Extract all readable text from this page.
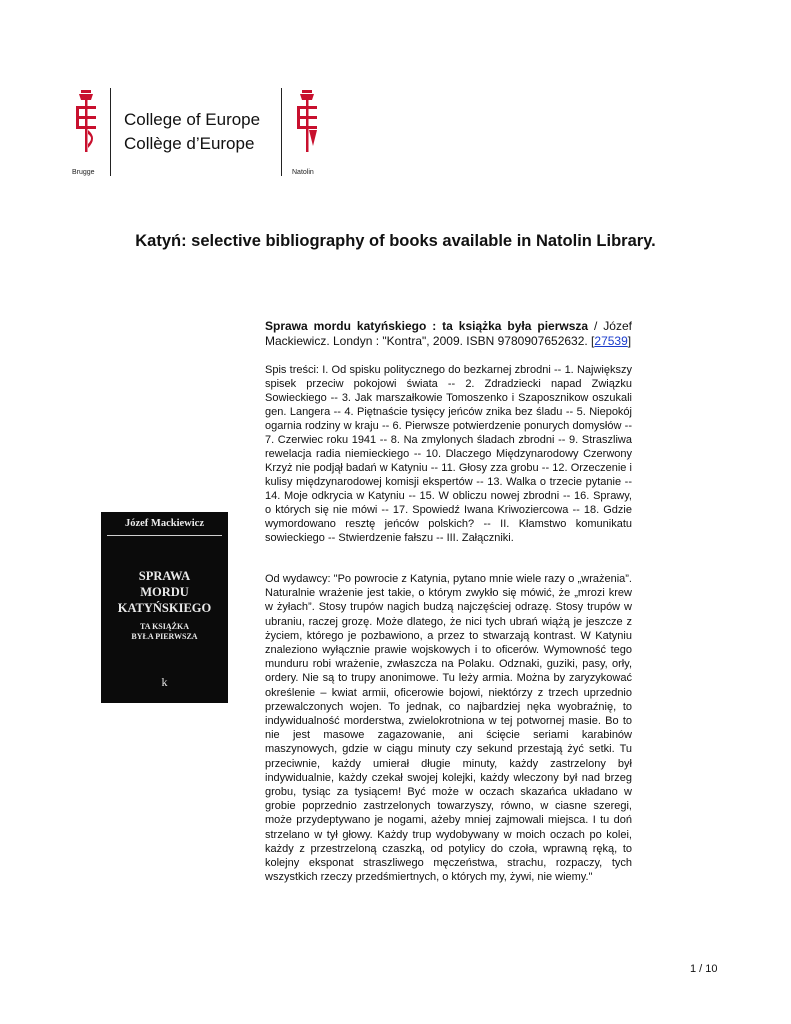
College of Europe
Collège d’Europe
Brugge	Natolin
Katyń: selective bibliography of books available in Natolin Library.
Sprawa mordu katyńskiego : ta książka była pierwsza / Józef Mackiewicz. Londyn : "Kontra", 2009. ISBN 9780907652632. [27539]
Spis treści: I. Od spisku politycznego do bezkarnej zbrodni -- 1. Największy spisek przeciw pokojowi świata -- 2. Zdradziecki napad Związku Sowieckiego -- 3. Jak marszałkowie Tomoszenko i Szaposznikow oszukali gen. Langera -- 4. Piętnaście tysięcy jeńców znika bez śladu -- 5. Niepokój ogarnia rodziny w kraju -- 6. Pierwsze potwierdzenie ponurych domysłów -- 7. Czerwiec roku 1941 -- 8. Na zmylonych śladach zbrodni -- 9. Straszliwa rewelacja radia niemieckiego -- 10. Dlaczego Międzynarodowy Czerwony Krzyż nie podjął badań w Katyniu -- 11. Głosy zza grobu -- 12. Orzeczenie i kulisy międzynarodowej komisji ekspertów -- 13. Walka o trzecie pytanie -- 14. Moje odkrycia w Katyniu -- 15. W obliczu nowej zbrodni -- 16. Sprawy, o których się nie mówi -- 17. Spowiedź Iwana Kriwoziercowa -- 18. Gdzie wymordowano resztę jeńców polskich? -- II. Kłamstwo komunikatu sowieckiego -- Stwierdzenie fałszu -- III. Załączniki.
Od wydawcy: "Po powrocie z Katynia, pytano mnie wiele razy o „wrażenia”. Naturalnie wrażenie jest takie, o którym zwykło się mówić, że „mrozi krew w żyłach”. Stosy trupów nagich budzą najczęściej odrazę. Stosy trupów w ubraniu, raczej grozę. Może dlatego, że nici tych ubrań wiążą je jeszcze z życiem, którego je pozbawiono, a przez to stwarzają kontrast. W Katyniu znaleziono wyłącznie prawie wojskowych i to oficerów. Wymowność tego munduru robi wrażenie, zwłaszcza na Polaku. Odznaki, guziki, pasy, orły, ordery. Nie są to trupy anonimowe. Tu leży armia. Można by zaryzykować określenie – kwiat armii, oficerowie bojowi, niektórzy z trzech uprzednio przewalczonych wojen. To jednak, co najbardziej nęka wyobraźnię, to indywidualność morderstwa, zwielokrotniona w tej potwornej masie. Bo to nie jest masowe zagazowanie, ani ścięcie seriami karabinów maszynowych, gdzie w ciągu minuty czy sekund przestają żyć setki. Tu przeciwnie, każdy umierał długie minuty, każdy zastrzelony był indywidualnie, każdy czekał swojej kolejki, każdy wleczony był nad brzeg grobu, tysiąc za tysiącem! Być może w oczach skazańca układano w grobie poprzednio zastrzelonych towarzyszy, równo, w ciasne szeregi, może przydeptywano je nogami, ażeby mniej zajmowali miejsca. I tu doń strzelano w tył głowy. Każdy trup wydobywany w moich oczach po kolei, każdy z przestrzeloną czaszką, od potylicy do czoła, wprawną ręką, to kolejny eksponat straszliwego męczeństwa, strachu, rozpaczy, tych wszystkich rzeczy przedśmiertnych, o których my, żywi, nie wiemy."
Józef Mackiewicz
SPRAWA
MORDU
KATYŃSKIEGO
TA KSIĄŻKA
BYŁA PIERWSZA
k
1 / 10
